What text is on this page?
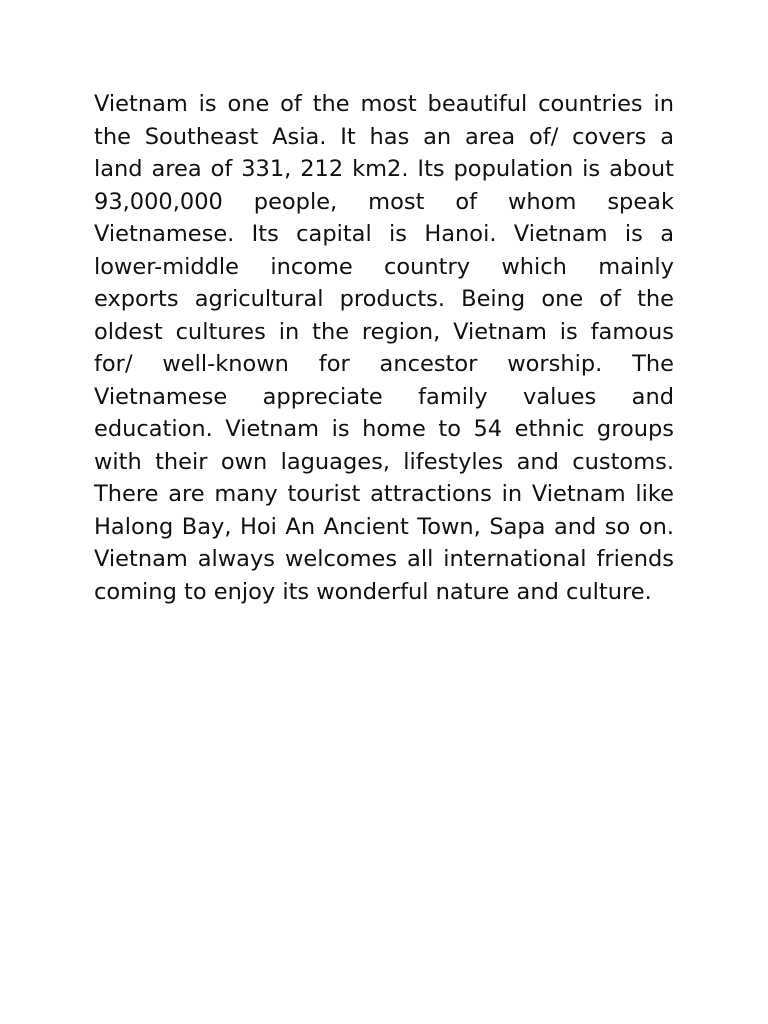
Vietnam is one of the most beautiful countries in
the Southeast Asia. It has an area of/ covers a
land area of 331, 212 km2. Its population is about
93,000,000 people, most of whom speak
Vietnamese. Its capital is Hanoi. Vietnam is a
lower-middle income country which mainly
exports agricultural products. Being one of the
oldest cultures in the region, Vietnam is famous
for/ well-known for ancestor worship. The
Vietnamese appreciate family values and
education. Vietnam is home to 54 ethnic groups
with their own laguages, lifestyles and customs.
There are many tourist attractions in Vietnam like
Halong Bay, Hoi An Ancient Town, Sapa and so on.
Vietnam always welcomes all international friends
coming to enjoy its wonderful nature and culture.
